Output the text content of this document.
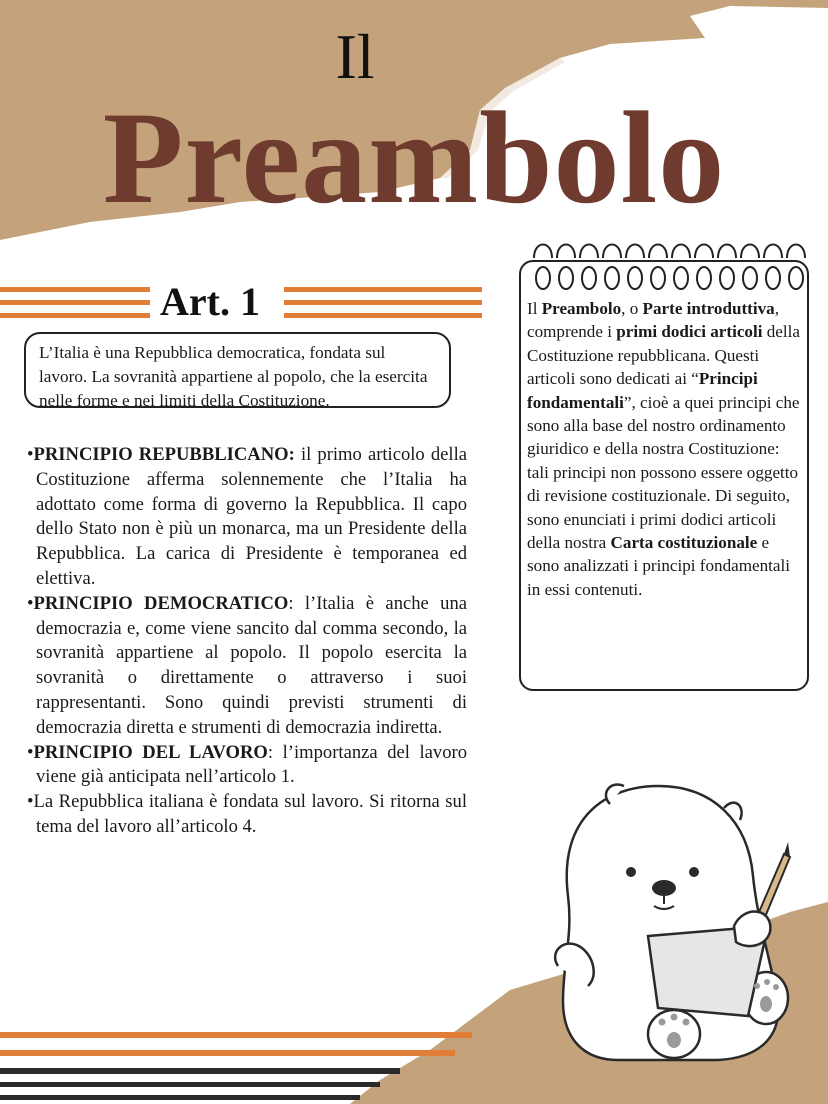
Il
Preambolo
Art. 1
L’Italia è una Repubblica democratica, fondata sul
lavoro. La sovranità appartiene al popolo, che la esercita
nelle forme e nei limiti della Costituzione.

•PRINCIPIO REPUBBLICANO: il primo articolo della Costituzione afferma solennemente che l’Italia ha adottato come forma di governo la Repubblica. Il capo dello Stato non è più un monarca, ma un Presidente della Repubblica. La carica di Presidente è temporanea ed elettiva.

•PRINCIPIO DEMOCRATICO: l’Italia è anche una democrazia e, come viene sancito dal comma secondo, la sovranità appartiene al popolo. Il popolo esercita la sovranità o direttamente o attraverso i suoi rappresentanti. Sono quindi previsti strumenti di democrazia diretta e strumenti di democrazia indiretta.

•PRINCIPIO DEL LAVORO: l’importanza del lavoro viene già anticipata nell’articolo 1.

•La Repubblica italiana è fondata sul lavoro. Si ritorna sul tema del lavoro all’articolo 4.

Il Preambolo, o Parte introduttiva, comprende i primi dodici articoli della Costituzione repubblicana. Questi articoli sono dedicati ai “Principi fondamentali”, cioè a quei principi che sono alla base del nostro ordinamento giuridico e della nostra Costituzione:
tali principi non possono essere oggetto di revisione costituzionale. Di seguito, sono enunciati i primi dodici articoli della nostra Carta costituzionale e sono analizzati i principi fondamentali in essi contenuti.
